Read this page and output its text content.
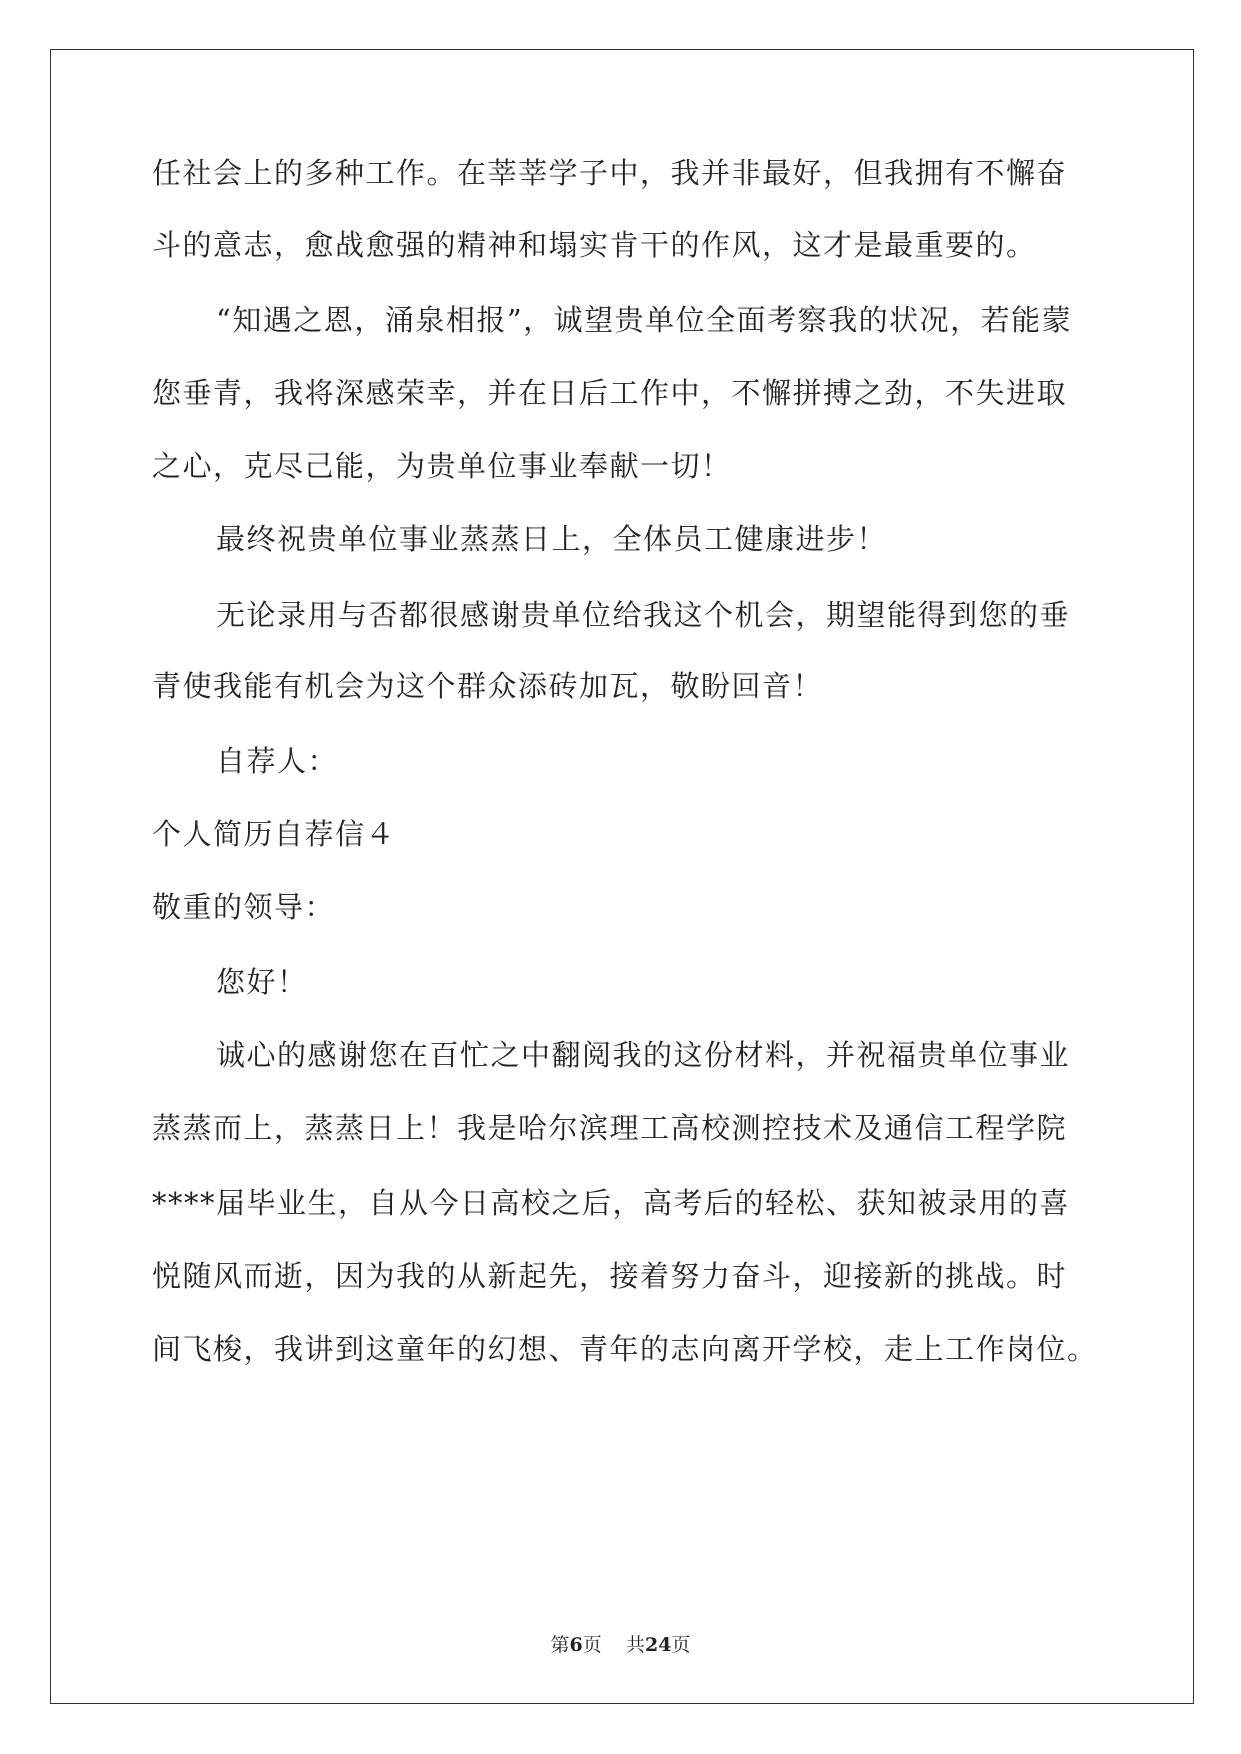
任社会上的多种工作。在莘莘学子中，我并非最好，但我拥有不懈奋
斗的意志，愈战愈强的精神和塌实肯干的作风，这才是最重要的。
“知遇之恩，涌泉相报”，诚望贵单位全面考察我的状况，若能蒙
您垂青，我将深感荣幸，并在日后工作中，不懈拼搏之劲，不失进取
之心，克尽己能，为贵单位事业奉献一切！
最终祝贵单位事业蒸蒸日上，全体员工健康进步！
无论录用与否都很感谢贵单位给我这个机会，期望能得到您的垂
青使我能有机会为这个群众添砖加瓦，敬盼回音！
自荐人：
个人简历自荐信４
敬重的领导：
您好！
诚心的感谢您在百忙之中翻阅我的这份材料，并祝福贵单位事业
蒸蒸而上，蒸蒸日上！我是哈尔滨理工高校测控技术及通信工程学院
****届毕业生，自从今日高校之后，高考后的轻松、获知被录用的喜
悦随风而逝，因为我的从新起先，接着努力奋斗，迎接新的挑战。时
间飞梭，我讲到这童年的幻想、青年的志向离开学校，走上工作岗位。
第6页 共24页
